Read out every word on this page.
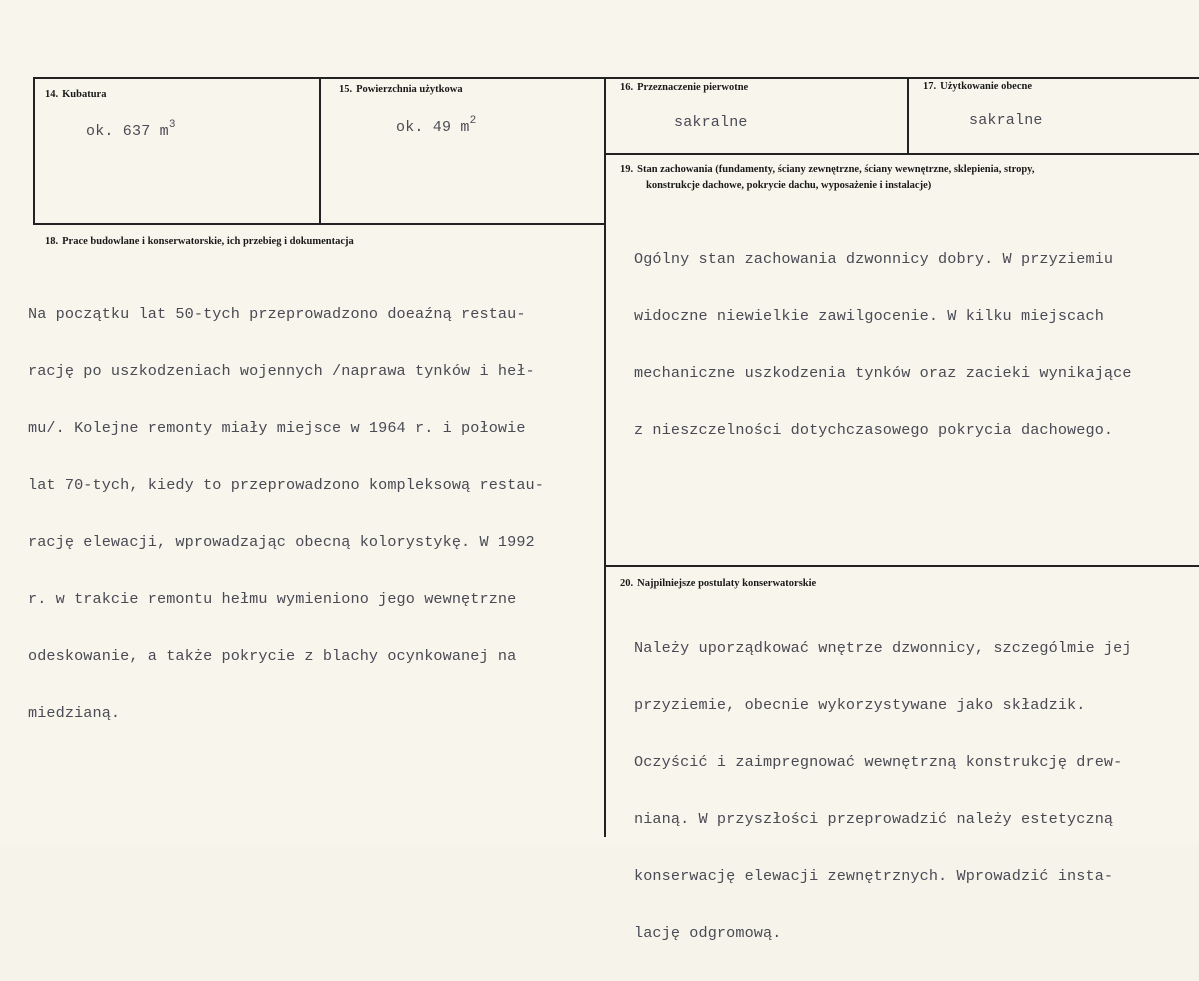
14. Kubatura
ok. 637 $m^3$
15. Powierzchnia użytkowa
ok. 49 $m^2$
16. Przeznaczenie pierwotne
sakralne
17. Użytkowanie obecne
sakralne
19. Stan zachowania (fundamenty, ściany zewnętrzne, ściany wewnętrzne, sklepienia, stropy,
konstrukcje dachowe, pokrycie dachu, wyposażenie i instalacje)

Ogólny stan zachowania dzwonnicy dobry. W przyziemiu

widoczne niewielkie zawilgocenie. W kilku miejscach

mechaniczne uszkodzenia tynków oraz zacieki wynikające

z nieszczelności dotychczasowego pokrycia dachowego.

18. Prace budowlane i konserwatorskie, ich przebieg i dokumentacja

Na początku lat 50-tych przeprowadzono doeaźną restau-

rację po uszkodzeniach wojennych /naprawa tynków i heł-

mu/. Kolejne remonty miały miejsce w 1964 r. i połowie

lat 70-tych, kiedy to przeprowadzono kompleksową restau-

rację elewacji, wprowadzając obecną kolorystykę. W 1992

r. w trakcie remontu hełmu wymieniono jego wewnętrzne

odeskowanie, a także pokrycie z blachy ocynkowanej na

miedzianą.

20. Najpilniejsze postulaty konserwatorskie

Należy uporządkować wnętrze dzwonnicy, szczególmie jej

przyziemie, obecnie wykorzystywane jako składzik.

Oczyścić i zaimpregnować wewnętrzną konstrukcję drew-

nianą. W przyszłości przeprowadzić należy estetyczną

konserwację elewacji zewnętrznych. Wprowadzić insta-

lację odgromową.
